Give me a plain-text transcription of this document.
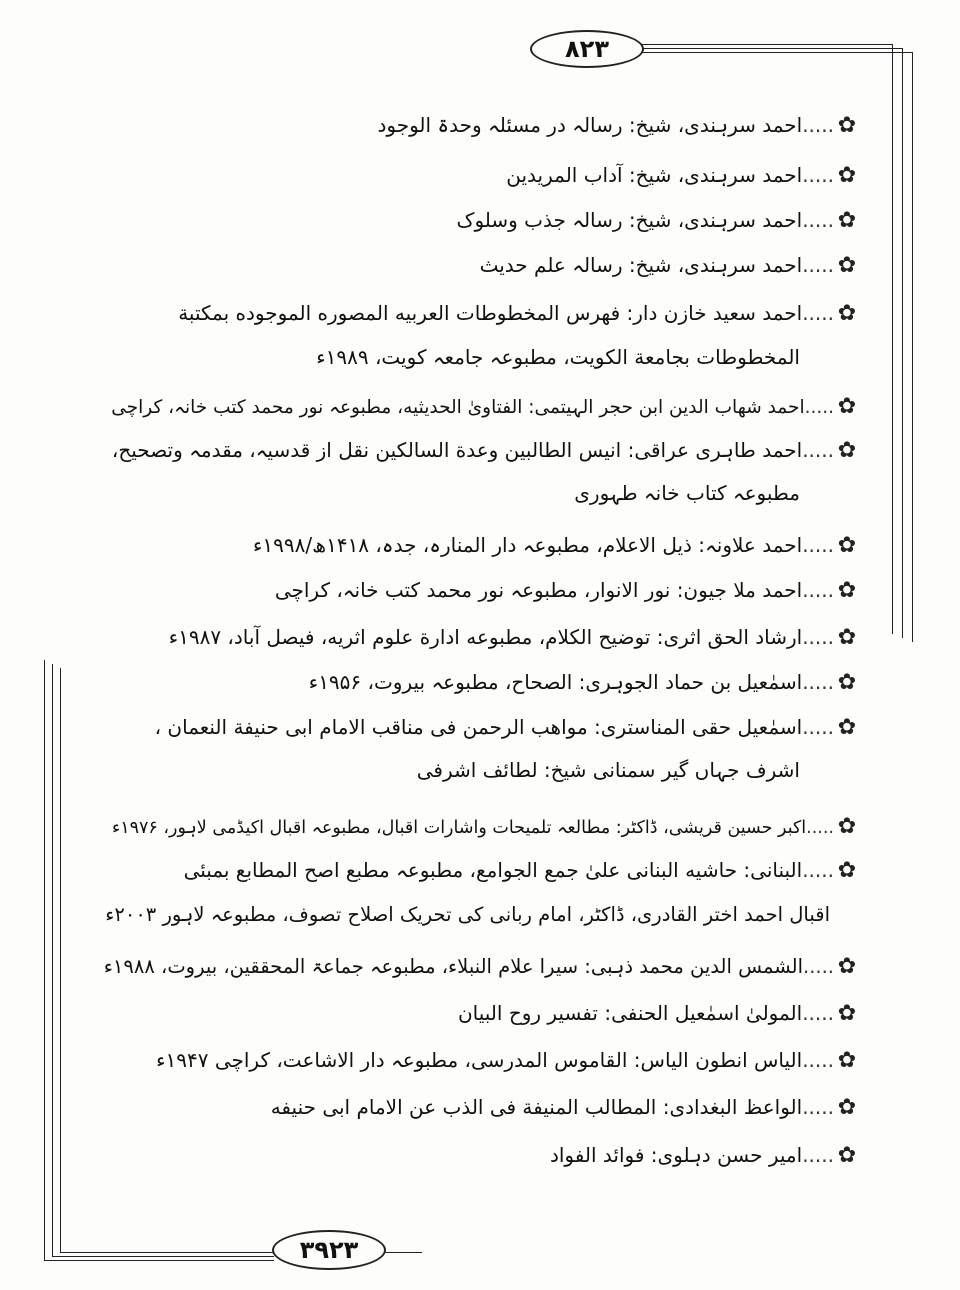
۸۲۳
۳۹۲۳
✿.....احمد سرہندی، شیخ: رسالہ در مسئلہ وحدۃ الوجود
✿.....احمد سرہندی، شیخ: آداب المریدین
✿.....احمد سرہندی، شیخ: رسالہ جذب وسلوک
✿.....احمد سرہندی، شیخ: رسالہ علم حدیث
✿.....احمد سعید خازن دار: فهرس المخطوطات العربیه المصوره الموجوده بمکتبة
المخطوطات بجامعة الکویت، مطبوعہ جامعہ کویت، ۱۹۸۹ء
✿.....احمد شهاب الدین ابن حجر الہیتمی: الفتاویٰ الحدیثیه، مطبوعہ نور محمد کتب خانہ، کراچی
✿.....احمد طاہری عراقی: انیس الطالبین وعدة السالکین نقل از قدسیہ، مقدمہ وتصحیح،
مطبوعہ کتاب خانہ طہوری
✿.....احمد علاونہ: ذیل الاعلام، مطبوعہ دار المنارہ، جدہ، ۱۴۱۸ھ/۱۹۹۸ء
✿.....احمد ملا جیون: نور الانوار، مطبوعہ نور محمد کتب خانہ، کراچی
✿.....ارشاد الحق اثری: توضیح الکلام، مطبوعه ادارة علوم اثریه، فیصل آباد، ۱۹۸۷ء
✿.....اسمٰعیل بن حماد الجوہری: الصحاح، مطبوعہ بیروت، ۱۹۵۶ء
✿.....اسمٰعیل حقی المناستری: مواهب الرحمن فی مناقب الامام ابی حنیفة النعمان ،
اشرف جہاں گیر سمنانی شیخ: لطائف اشرفی
✿.....اکبر حسین قریشی، ڈاکٹر: مطالعہ تلمیحات واشارات اقبال، مطبوعہ اقبال اکیڈمی لاہور، ۱۹۷۶ء
✿.....البنانی: حاشیه البنانی علیٰ جمع الجوامع، مطبوعہ مطبع اصح المطابع بمبئی
اقبال احمد اختر القادری، ڈاکٹر، امام ربانی کی تحریک اصلاح تصوف، مطبوعہ لاہور ۲۰۰۳ء
✿.....الشمس الدین محمد ذہبی: سیرا علام النبلاء، مطبوعہ جماعۃ المحققین، بیروت، ۱۹۸۸ء
✿.....المولیٰ اسمٰعیل الحنفی: تفسیر روح البیان
✿.....الیاس انطون الیاس: القاموس المدرسی، مطبوعہ دار الاشاعت، کراچی ۱۹۴۷ء
✿.....الواعظ البغدادی: المطالب المنیفة فی الذب عن الامام ابی حنیفه
✿.....امیر حسن دہلوی: فوائد الفواد
